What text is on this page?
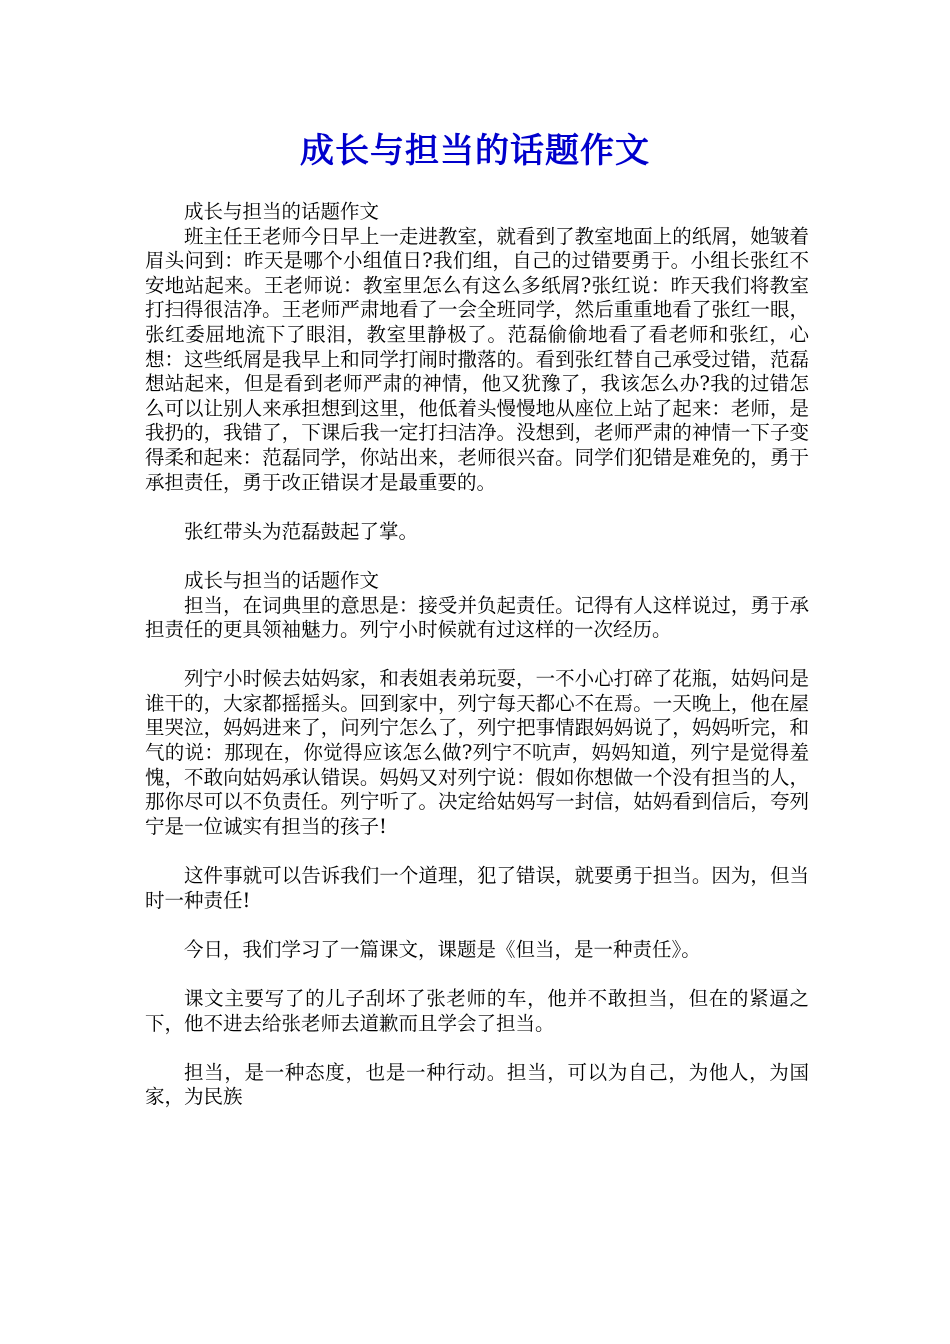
成长与担当的话题作文

成长与担当的话题作文

班主任王老师今日早上一走进教室，就看到了教室地面上的纸屑，她皱着眉头问到：昨天是哪个小组值日?我们组，自己的过错要勇于。小组长张红不安地站起来。王老师说：教室里怎么有这么多纸屑?张红说：昨天我们将教室打扫得很洁净。王老师严肃地看了一会全班同学，然后重重地看了张红一眼，张红委屈地流下了眼泪，教室里静极了。范磊偷偷地看了看老师和张红，心想：这些纸屑是我早上和同学打闹时撒落的。看到张红替自己承受过错，范磊想站起来，但是看到老师严肃的神情，他又犹豫了，我该怎么办?我的过错怎么可以让别人来承担想到这里，他低着头慢慢地从座位上站了起来：老师，是我扔的，我错了，下课后我一定打扫洁净。没想到，老师严肃的神情一下子变得柔和起来：范磊同学，你站出来，老师很兴奋。同学们犯错是难免的，勇于承担责任，勇于改正错误才是最重要的。

张红带头为范磊鼓起了掌。

成长与担当的话题作文

担当，在词典里的意思是：接受并负起责任。记得有人这样说过，勇于承担责任的更具领袖魅力。列宁小时候就有过这样的一次经历。

列宁小时候去姑妈家，和表姐表弟玩耍，一不小心打碎了花瓶，姑妈问是谁干的，大家都摇摇头。回到家中，列宁每天都心不在焉。一天晚上，他在屋里哭泣，妈妈进来了，问列宁怎么了，列宁把事情跟妈妈说了，妈妈听完，和气的说：那现在，你觉得应该怎么做?列宁不吭声，妈妈知道，列宁是觉得羞愧，不敢向姑妈承认错误。妈妈又对列宁说：假如你想做一个没有担当的人，那你尽可以不负责任。列宁听了。决定给姑妈写一封信，姑妈看到信后，夸列宁是一位诚实有担当的孩子!

这件事就可以告诉我们一个道理，犯了错误，就要勇于担当。因为，但当时一种责任!

今日，我们学习了一篇课文，课题是《但当，是一种责任》。

课文主要写了的儿子刮坏了张老师的车，他并不敢担当，但在的紧逼之下，他不进去给张老师去道歉而且学会了担当。

担当，是一种态度，也是一种行动。担当，可以为自己，为他人，为国家，为民族
